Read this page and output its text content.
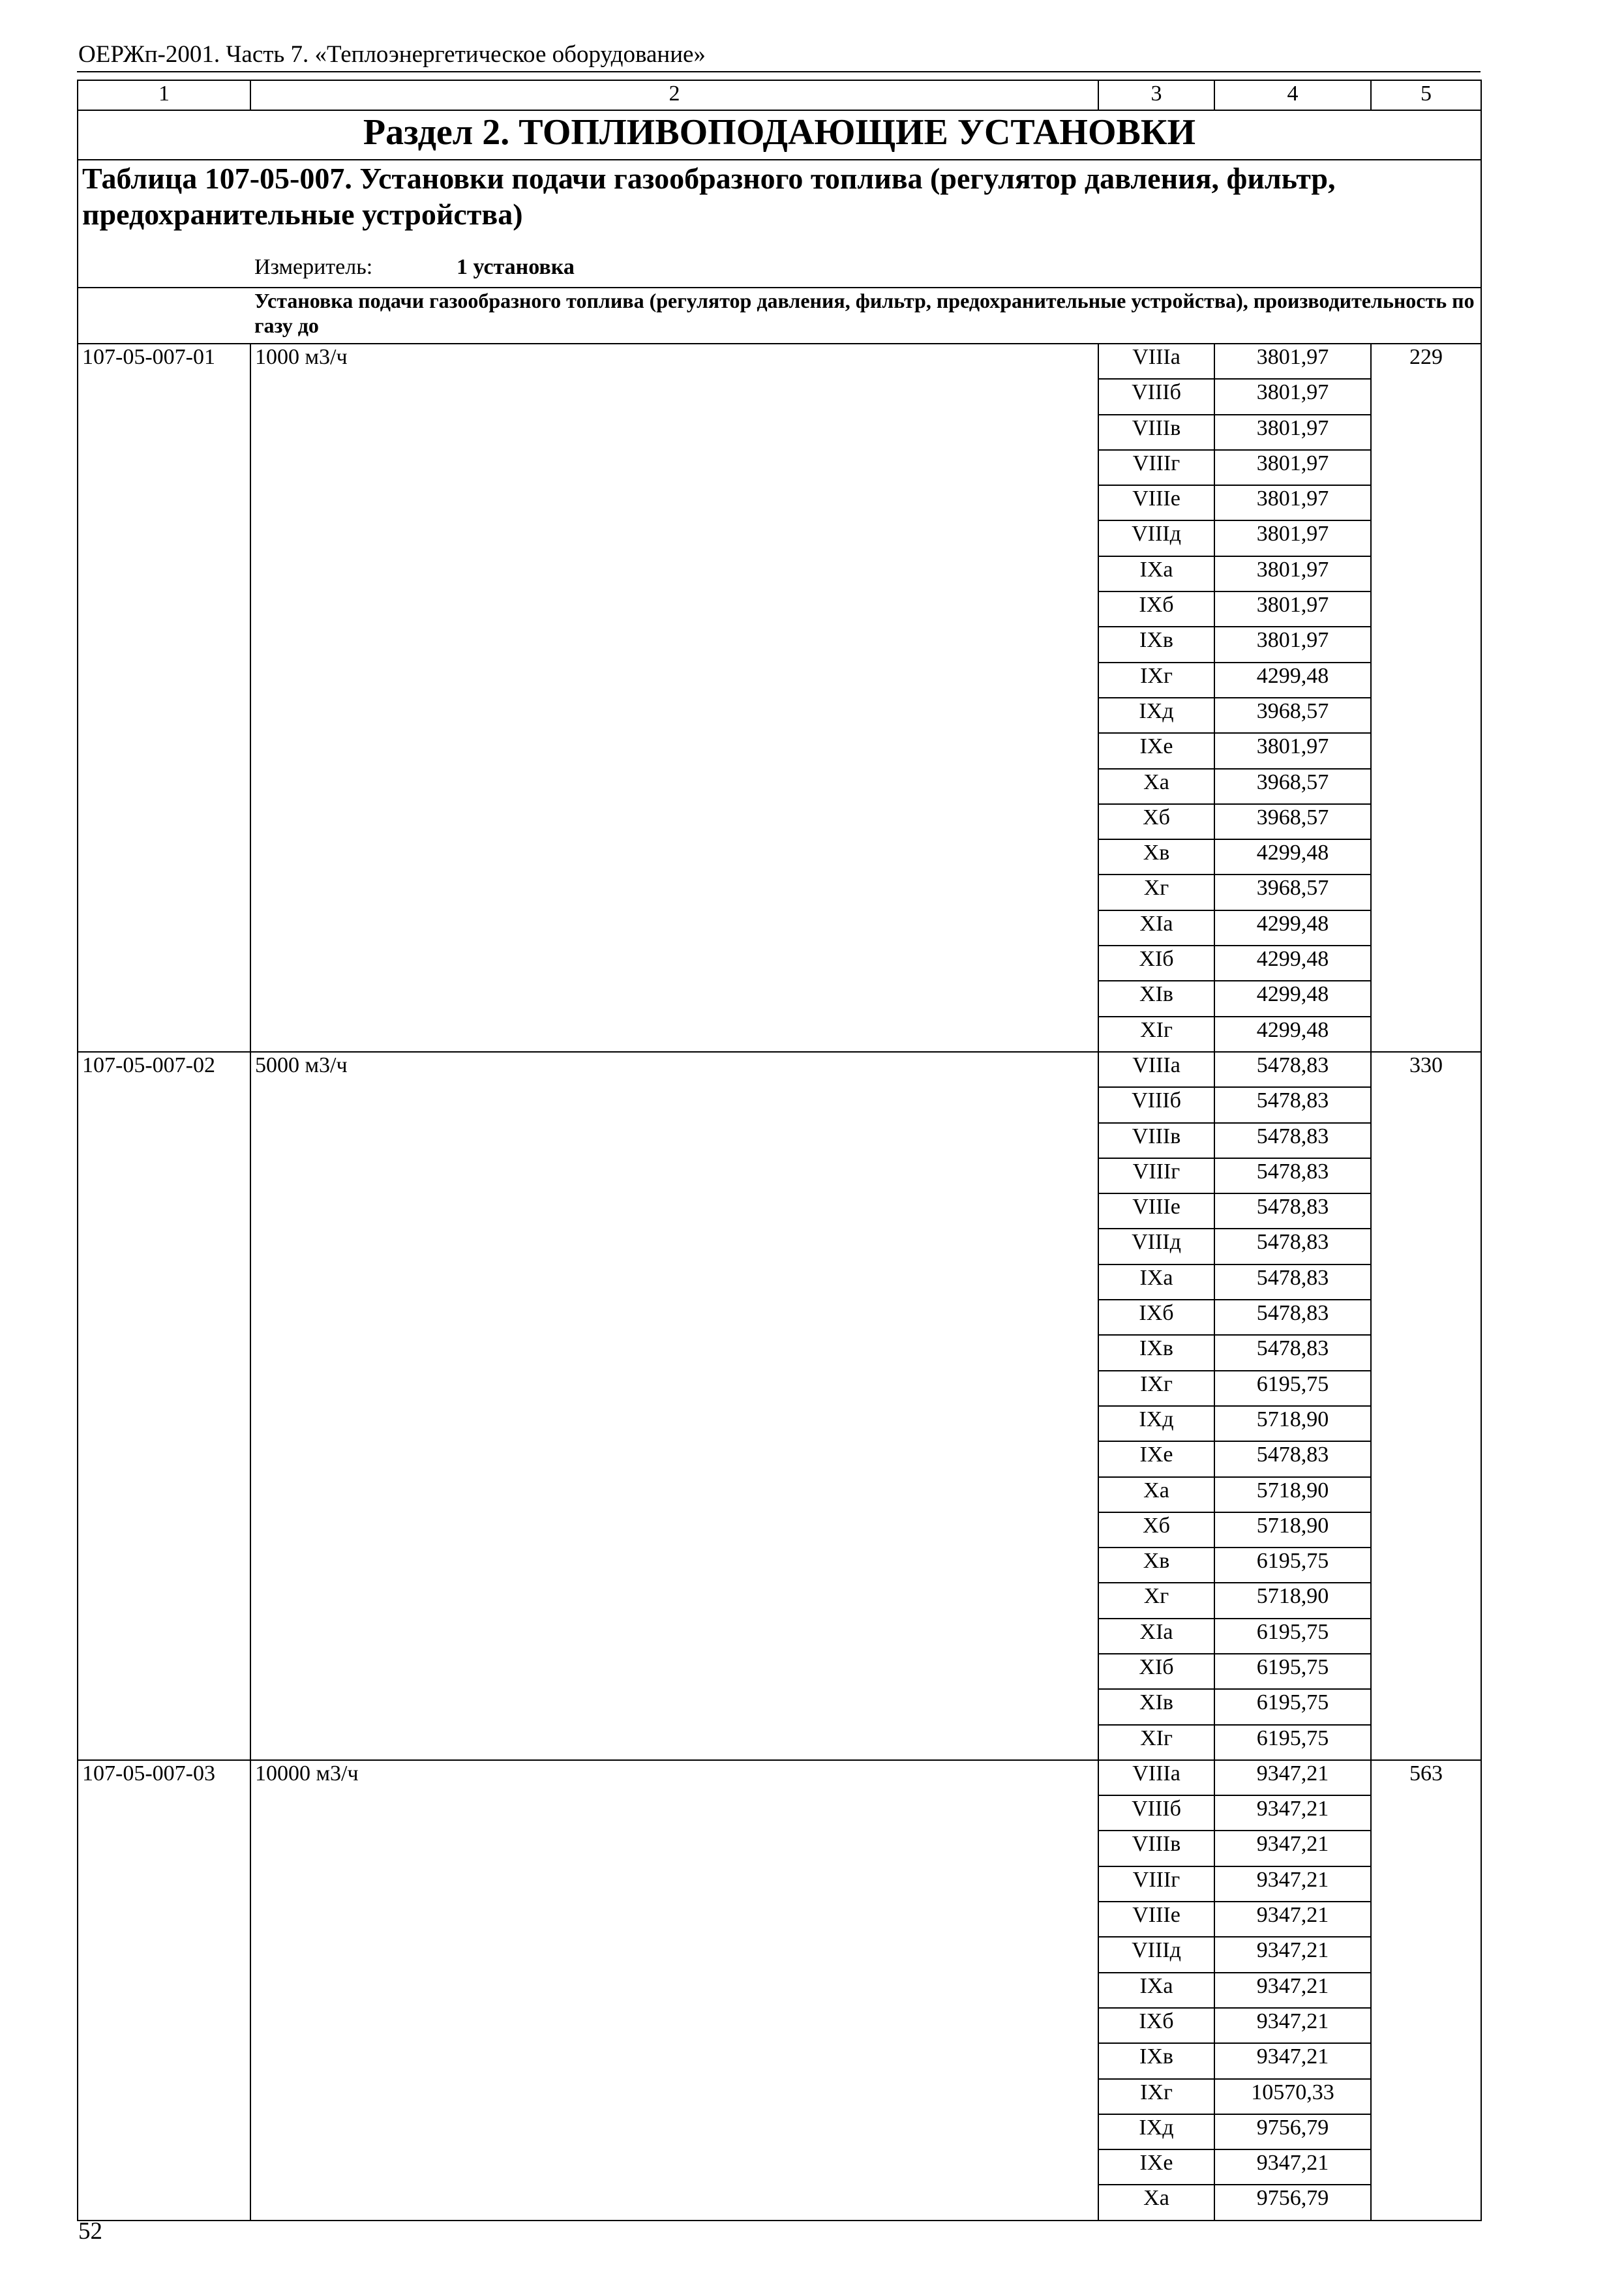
ОЕРЖп-2001. Часть 7. «Теплоэнергетическое оборудование»
1	2	3	4	5
Раздел 2. ТОПЛИВОПОДАЮЩИЕ УСТАНОВКИ				
Таблица 107-05-007. Установки подачи газообразного топлива (регулятор давления, фильтр, предохранительные устройства)				
	Измеритель: 1 установка			
	Установка подачи газообразного топлива (регулятор давления, фильтр, предохранительные устройства), производительность по газу до			
107-05-007-01	1000 м3/ч	VIIIа	3801,97	229
		VIIIб	3801,97	
		VIIIв	3801,97	
		VIIIг	3801,97	
		VIIIе	3801,97	
		VIIIд	3801,97	
		IXа	3801,97	
		IXб	3801,97	
		IXв	3801,97	
		IXг	4299,48	
		IXд	3968,57	
		IXе	3801,97	
		Xа	3968,57	
		Xб	3968,57	
		Xв	4299,48	
		Xг	3968,57	
		XIа	4299,48	
		XIб	4299,48	
		XIв	4299,48	
		XIг	4299,48	
107-05-007-02	5000 м3/ч	VIIIа	5478,83	330
		VIIIб	5478,83	
		VIIIв	5478,83	
		VIIIг	5478,83	
		VIIIе	5478,83	
		VIIIд	5478,83	
		IXа	5478,83	
		IXб	5478,83	
		IXв	5478,83	
		IXг	6195,75	
		IXд	5718,90	
		IXе	5478,83	
		Xа	5718,90	
		Xб	5718,90	
		Xв	6195,75	
		Xг	5718,90	
		XIа	6195,75	
		XIб	6195,75	
		XIв	6195,75	
		XIг	6195,75	
107-05-007-03	10000 м3/ч	VIIIа	9347,21	563
		VIIIб	9347,21	
		VIIIв	9347,21	
		VIIIг	9347,21	
		VIIIе	9347,21	
		VIIIд	9347,21	
		IXа	9347,21	
		IXб	9347,21	
		IXв	9347,21	
		IXг	10570,33	
		IXд	9756,79	
		IXе	9347,21	
		Xа	9756,79	
52
